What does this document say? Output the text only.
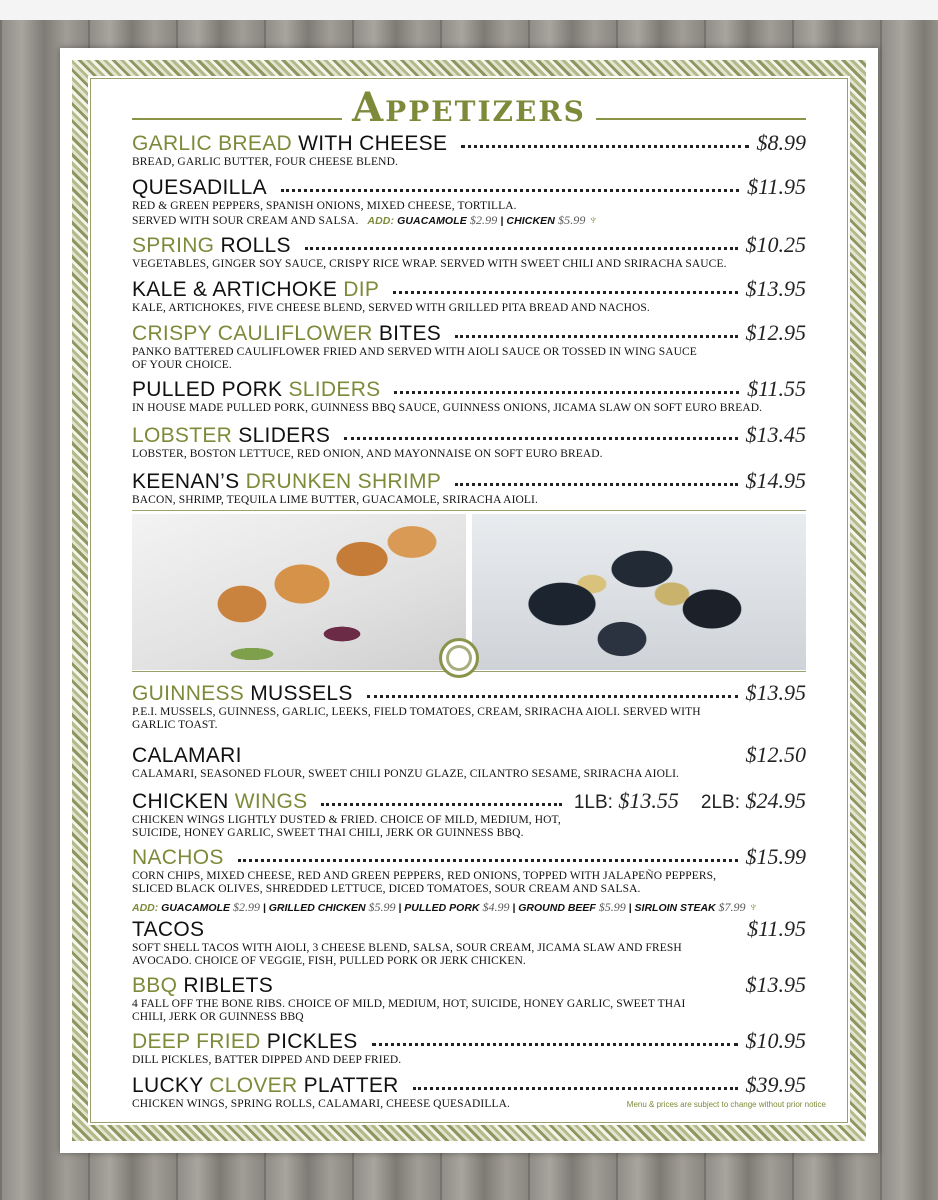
Appetizers
GARLIC BREAD WITH CHEESE	$8.99
BREAD, GARLIC BUTTER, FOUR CHEESE BLEND.
QUESADILLA	$11.95
RED & GREEN PEPPERS, SPANISH ONIONS, MIXED CHEESE, TORTILLA.
SERVED WITH SOUR CREAM AND SALSA. ADD: GUACAMOLE $2.99 | CHICKEN $5.99 ♆
SPRING ROLLS	$10.25
VEGETABLES, GINGER SOY SAUCE, CRISPY RICE WRAP. SERVED WITH SWEET CHILI AND SRIRACHA SAUCE.
KALE & ARTICHOKE DIP	$13.95
KALE, ARTICHOKES, FIVE CHEESE BLEND, SERVED WITH GRILLED PITA BREAD AND NACHOS.
CRISPY CAULIFLOWER BITES	$12.95
PANKO BATTERED CAULIFLOWER FRIED AND SERVED WITH AIOLI SAUCE OR TOSSED IN WING SAUCE OF YOUR CHOICE.
PULLED PORK SLIDERS	$11.55
IN HOUSE MADE PULLED PORK, GUINNESS BBQ SAUCE, GUINNESS ONIONS, JICAMA SLAW ON SOFT EURO BREAD.
LOBSTER SLIDERS	$13.45
LOBSTER, BOSTON LETTUCE, RED ONION, AND MAYONNAISE ON SOFT EURO BREAD.
KEENAN’S DRUNKEN SHRIMP	$14.95
BACON, SHRIMP, TEQUILA LIME BUTTER, GUACAMOLE, SRIRACHA AIOLI.
GUINNESS MUSSELS	$13.95
P.E.I. MUSSELS, GUINNESS, GARLIC, LEEKS, FIELD TOMATOES, CREAM, SRIRACHA AIOLI. SERVED WITH GARLIC TOAST.
CALAMARI	$12.50
CALAMARI, SEASONED FLOUR, SWEET CHILI PONZU GLAZE, CILANTRO SESAME, SRIRACHA AIOLI.
CHICKEN WINGS	1LB: $13.55 2LB: $24.95
CHICKEN WINGS LIGHTLY DUSTED & FRIED. CHOICE OF MILD, MEDIUM, HOT, SUICIDE, HONEY GARLIC, SWEET THAI CHILI, JERK OR GUINNESS BBQ.
NACHOS	$15.99
CORN CHIPS, MIXED CHEESE, RED AND GREEN PEPPERS, RED ONIONS, TOPPED WITH JALAPEÑO PEPPERS, SLICED BLACK OLIVES, SHREDDED LETTUCE, DICED TOMATOES, SOUR CREAM AND SALSA.
ADD: GUACAMOLE $2.99 | GRILLED CHICKEN $5.99 | PULLED PORK $4.99 | GROUND BEEF $5.99 | SIRLOIN STEAK $7.99 ♆
TACOS	$11.95
SOFT SHELL TACOS WITH AIOLI, 3 CHEESE BLEND, SALSA, SOUR CREAM, JICAMA SLAW AND FRESH AVOCADO. CHOICE OF VEGGIE, FISH, PULLED PORK OR JERK CHICKEN.
BBQ RIBLETS	$13.95
4 FALL OFF THE BONE RIBS. CHOICE OF MILD, MEDIUM, HOT, SUICIDE, HONEY GARLIC, SWEET THAI CHILI, JERK OR GUINNESS BBQ
DEEP FRIED PICKLES	$10.95
DILL PICKLES, BATTER DIPPED AND DEEP FRIED.
LUCKY CLOVER PLATTER	$39.95
CHICKEN WINGS, SPRING ROLLS, CALAMARI, CHEESE QUESADILLA.	Menu & prices are subject to change without prior notice
